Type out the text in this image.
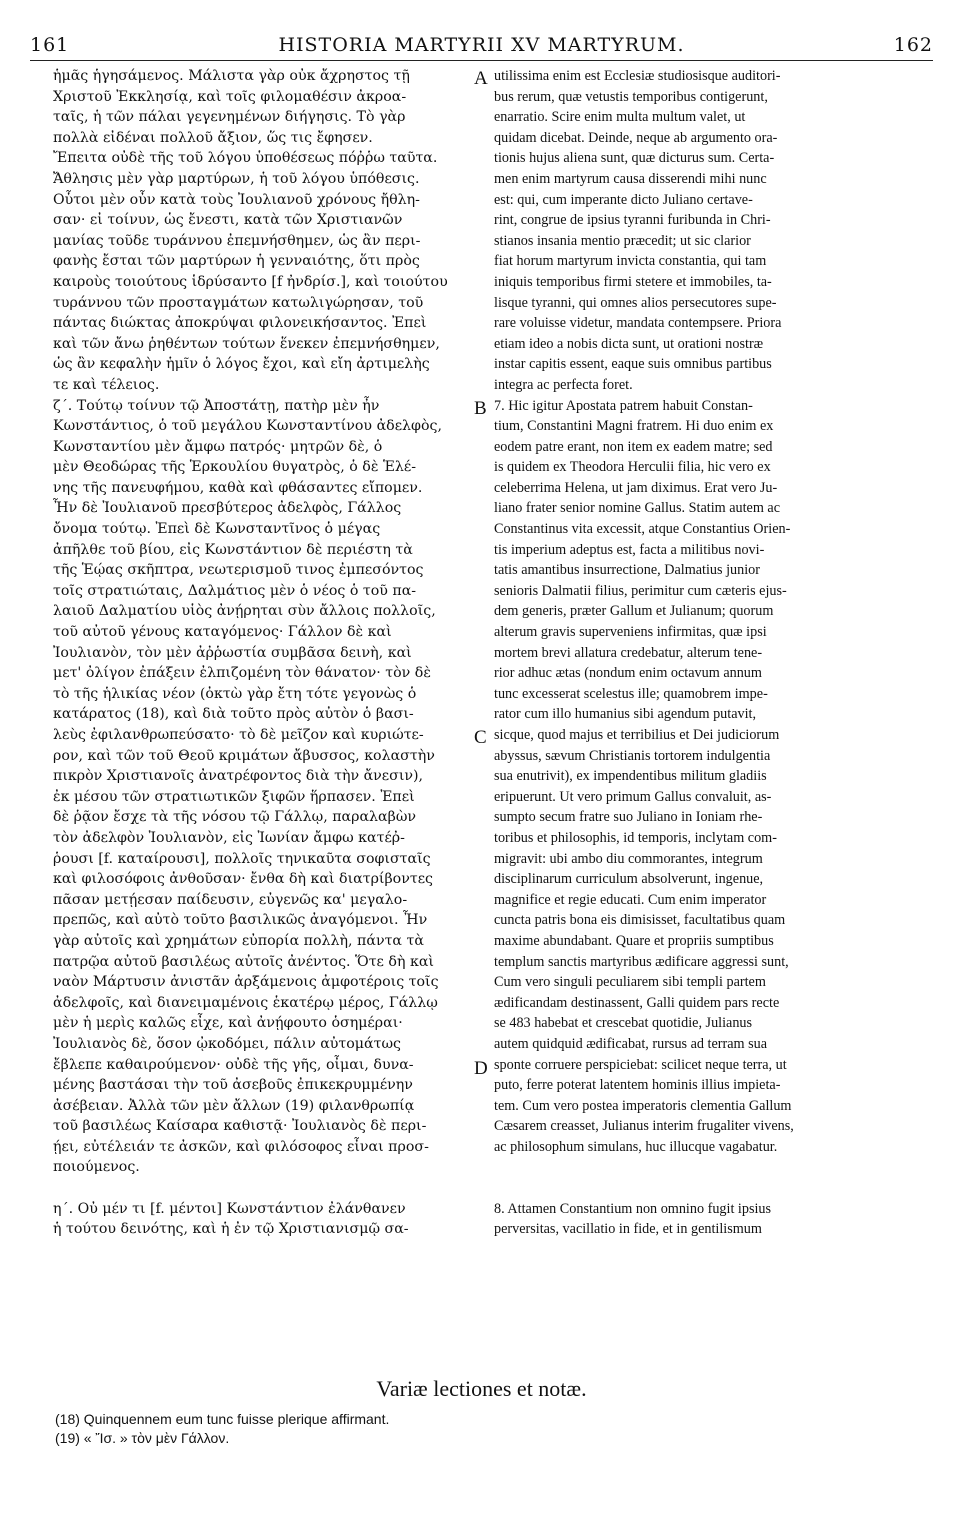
161	HISTORIA MARTYRII XV MARTYRUM.	162
ἡμᾶς ἡγησάμενος. Μάλιστα γὰρ οὐκ ἄχρηστος τῇ
Χριστοῦ Ἐκκλησίᾳ, καὶ τοῖς φιλομαθέσιν ἀκροα-
ταῖς, ἡ τῶν πάλαι γεγενημένων διήγησις. Τὸ γὰρ
πολλὰ εἰδέναι πολλοῦ ἄξιον, ὥς τις ἔφησεν.
Ἔπειτα οὐδὲ τῆς τοῦ λόγου ὑποθέσεως πόῤῥω ταῦτα.
Ἄθλησις μὲν γὰρ μαρτύρων, ἡ τοῦ λόγου ὑπόθεσις.
Οὗτοι μὲν οὖν κατὰ τοὺς Ἰουλιανοῦ χρόνους ἤθλη-
σαν· εἰ τοίνυν, ὡς ἔνεστι, κατὰ τῶν Χριστιανῶν
μανίας τοῦδε τυράννου ἐπεμνήσθημεν, ὡς ἂν περι-
φανὴς ἔσται τῶν μαρτύρων ἡ γενναιότης, ὅτι πρὸς
καιροὺς τοιούτους ἱδρύσαντο [f ἠνδρίσ.], καὶ τοιούτου
τυράννου τῶν προσταγμάτων κατωλιγώρησαν, τοῦ
πάντας διώκτας ἀποκρύψαι φιλονεικήσαντος. Ἐπεὶ
καὶ τῶν ἄνω ῥηθέντων τούτων ἕνεκεν ἐπεμνήσθημεν,
ὡς ἂν κεφαλὴν ἡμῖν ὁ λόγος ἔχοι, καὶ εἴη ἀρτιμελὴς
τε καὶ τέλειος.
ζ΄. Τούτῳ τοίνυν τῷ Ἀποστάτῃ, πατὴρ μὲν ἦν
Κωνστάντιος, ὁ τοῦ μεγάλου Κωνσταντίνου ἀδελφὸς,
Κωνσταντίου μὲν ἄμφω πατρός· μητρῶν δὲ, ὁ
μὲν Θεοδώρας τῆς Ἑρκουλίου θυγατρὸς, ὁ δὲ Ἑλέ-
νης τῆς πανευφήμου, καθὰ καὶ φθάσαντες εἴπομεν.
Ἦν δὲ Ἰουλιανοῦ πρεσβύτερος ἀδελφὸς, Γάλλος
ὄνομα τούτῳ. Ἐπεὶ δὲ Κωνσταντῖνος ὁ μέγας
ἀπῆλθε τοῦ βίου, εἰς Κωνστάντιον δὲ περιέστη τὰ
τῆς Ἑῴας σκῆπτρα, νεωτερισμοῦ τινος ἐμπεσόντος
τοῖς στρατιώταις, Δαλμάτιος μὲν ὁ νέος ὁ τοῦ πα-
λαιοῦ Δαλματίου υἱὸς ἀνῄρηται σὺν ἄλλοις πολλοῖς,
τοῦ αὐτοῦ γένους καταγόμενος· Γάλλον δὲ καὶ
Ἰουλιανὸν, τὸν μὲν ἀῤῥωστία συμβᾶσα δεινὴ, καὶ
μετ' ὀλίγον ἐπάξειν ἐλπιζομένη τὸν θάνατον· τὸν δὲ
τὸ τῆς ἡλικίας νέον (ὀκτὼ γὰρ ἔτη τότε γεγονὼς ὁ
κατάρατος (18), καὶ διὰ τοῦτο πρὸς αὐτὸν ὁ βασι-
λεὺς ἐφιλανθρωπεύσατο· τὸ δὲ μεῖζον καὶ κυριώτε-
ρον, καὶ τῶν τοῦ Θεοῦ κριμάτων ἄβυσσος, κολαστὴν
πικρὸν Χριστιανοῖς ἀνατρέφοντος διὰ τὴν ἄνεσιν),
ἐκ μέσου τῶν στρατιωτικῶν ξιφῶν ἥρπασεν. Ἐπεὶ
δὲ ῥᾷον ἔσχε τὰ τῆς νόσου τῷ Γάλλῳ, παραλαβὼν
τὸν ἀδελφὸν Ἰουλιανὸν, εἰς Ἰωνίαν ἄμφω κατέῤ-
ῥουσι [f. καταίρουσι], πολλοῖς τηνικαῦτα σοφισταῖς
καὶ φιλοσόφοις ἀνθοῦσαν· ἔνθα δὴ καὶ διατρίβοντες
πᾶσαν μετῄεσαν παίδευσιν, εὐγενῶς κα' μεγαλο-
πρεπῶς, καὶ αὐτὸ τοῦτο βασιλικῶς ἀναγόμενοι. Ἦν
γὰρ αὐτοῖς καὶ χρημάτων εὐπορία πολλὴ, πάντα τὰ
πατρῷα αὐτοῦ βασιλέως αὐτοῖς ἀνέντος. Ὅτε δὴ καὶ
ναὸν Μάρτυσιν ἀνιστᾶν ἀρξάμενοις ἀμφοτέροις τοῖς
ἀδελφοῖς, καὶ διανειμαμένοις ἑκατέρῳ μέρος, Γάλλῳ
μὲν ἡ μερὶς καλῶς εἶχε, καὶ ἀνῄφουτο ὁσημέραι·
Ἰουλιανὸς δὲ, ὅσον ᾠκοδόμει, πάλιν αὐτομάτως
ἔβλεπε καθαιρούμενον· οὐδὲ τῆς γῆς, οἶμαι, δυνα-
μένης βαστάσαι τὴν τοῦ ἀσεβοῦς ἐπικεκρυμμένην
ἀσέβειαν. Ἀλλὰ τῶν μὲν ἄλλων (19) φιλανθρωπίᾳ
τοῦ βασιλέως Καίσαρα καθιστᾷ· Ἰουλιανὸς δὲ περι-
ῄει, εὐτέλειάν τε ἀσκῶν, καὶ φιλόσοφος εἶναι προσ-
ποιούμενος.
η΄. Οὐ μέν τι [f. μέντοι] Κωνστάντιον ἐλάνθανεν
ἡ τούτου δεινότης, καὶ ἡ ἐν τῷ Χριστιανισμῷ σα-
utilissima enim est Ecclesiæ studiosisque auditori-
bus rerum, quæ vetustis temporibus contigerunt,
enarratio. Scire enim multa multum valet, ut
quidam dicebat. Deinde, neque ab argumento ora-
tionis hujus aliena sunt, quæ dicturus sum. Certa-
men enim martyrum causa disserendi mihi nunc
est: qui, cum imperante dicto Juliano certave-
rint, congrue de ipsius tyranni furibunda in Chri-
stianos insania mentio præcedit; ut sic clarior
fiat horum martyrum invicta constantia, qui tam
iniquis temporibus firmi stetere et immobiles, ta-
lisque tyranni, qui omnes alios persecutores supe-
rare voluisse videtur, mandata contempsere. Priora
etiam ideo a nobis dicta sunt, ut orationi nostræ
instar capitis essent, eaque suis omnibus partibus
integra ac perfecta foret.
7. Hic igitur Apostata patrem habuit Constan-
tium, Constantini Magni fratrem. Hi duo enim ex
eodem patre erant, non item ex eadem matre; sed
is quidem ex Theodora Herculii filia, hic vero ex
celeberrima Helena, ut jam diximus. Erat vero Ju-
liano frater senior nomine Gallus. Statim autem ac
Constantinus vita excessit, atque Constantius Orien-
tis imperium adeptus est, facta a militibus novi-
tatis amantibus insurrectione, Dalmatius junior
senioris Dalmatii filius, perimitur cum cæteris ejus-
dem generis, præter Gallum et Julianum; quorum
alterum gravis superveniens infirmitas, quæ ipsi
mortem brevi allatura credebatur, alterum tene-
rior adhuc ætas (nondum enim octavum annum
tunc excesserat scelestus ille; quamobrem impe-
rator cum illo humanius sibi agendum putavit,
sicque, quod majus et terribilius et Dei judiciorum
abyssus, sævum Christianis tortorem indulgentia
sua enutrivit), ex impendentibus militum gladiis
eripuerunt. Ut vero primum Gallus convaluit, as-
sumpto secum fratre suo Juliano in Ioniam rhe-
toribus et philosophis, id temporis, inclytam com-
migravit: ubi ambo diu commorantes, integrum
disciplinarum curriculum absolverunt, ingenue,
magnifice et regie educati. Cum enim imperator
cuncta patris bona eis dimisisset, facultatibus quam
maxime abundabant. Quare et propriis sumptibus
templum sanctis martyribus ædificare aggressi sunt,
Cum vero singuli peculiarem sibi templi partem
ædificandam destinassent, Galli quidem pars recte
se 483 habebat et crescebat quotidie, Julianus
autem quidquid ædificabat, rursus ad terram sua
sponte corruere perspiciebat: scilicet neque terra, ut
puto, ferre poterat latentem hominis illius impieta-
tem. Cum vero postea imperatoris clementia Gallum
Cæsarem creasset, Julianus interim frugaliter vivens,
ac philosophum simulans, huc illucque vagabatur.
8. Attamen Constantium non omnino fugit ipsius
perversitas, vacillatio in fide, et in gentilismum
A
B
C
D
Variæ lectiones et notæ.
(18) Quinquennem eum tunc fuisse plerique affirmant.
(19) « Ἴσ. » τὸν μὲν Γάλλον.
